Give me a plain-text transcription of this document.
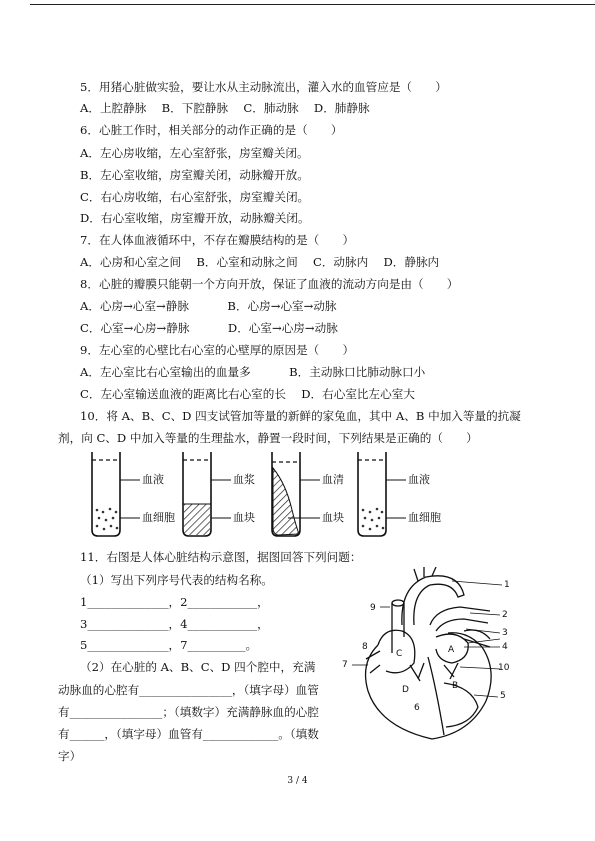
5．用猪心脏做实验，要让水从主动脉流出，灌入水的血管应是（　　）
A．上腔静脉　 B．下腔静脉　 C．肺动脉　 D．肺静脉
6．心脏工作时，相关部分的动作正确的是（　　）
A．左心房收缩，左心室舒张，房室瓣关闭。
B．左心室收缩，房室瓣关闭，动脉瓣开放。
C．右心房收缩，右心室舒张，房室瓣关闭。
D．右心室收缩，房室瓣开放，动脉瓣关闭。
7．在人体血液循环中，不存在瓣膜结构的是（　　）
A．心房和心室之间　 B．心室和动脉之间　 C．动脉内　 D．静脉内
8．心脏的瓣膜只能朝一个方向开放，保证了血液的流动方向是由（　　）
A．心房→心室→静脉　　　 B．心房→心室→动脉
C．心室→心房→静脉　　　 D．心室→心房→动脉
9．左心室的心壁比右心室的心壁厚的原因是（　　）
A．左心室比右心室输出的血量多　　　 B．主动脉口比肺动脉口小
C．左心室输送血液的距离比右心室的长　 D．右心室比左心室大
10．将 A、B、C、D 四支试管加等量的新鲜的家兔血，其中 A、B 中加入等量的抗凝
剂，向 C、D 中加入等量的生理盐水，静置一段时间，下列结果是正确的（　　）
血液
血细胞
血浆
血块
血清
血块
血液
血细胞
11．右图是人体心脏结构示意图，据图回答下列问题：
（1）写出下列序号代表的结构名称。
1______________，2____________，
3______________，4____________，
5______________，7__________。
（2）在心脏的 A、B、C、D 四个腔中，充满
动脉血的心腔有________________，（填字母）血管
有________________；（填数字）充满静脉血的心腔
有______，（填字母）血管有_____________。（填数
字）
1
2
3
4
5
6
7
8
9
10
A
B
C
D
3 / 4
